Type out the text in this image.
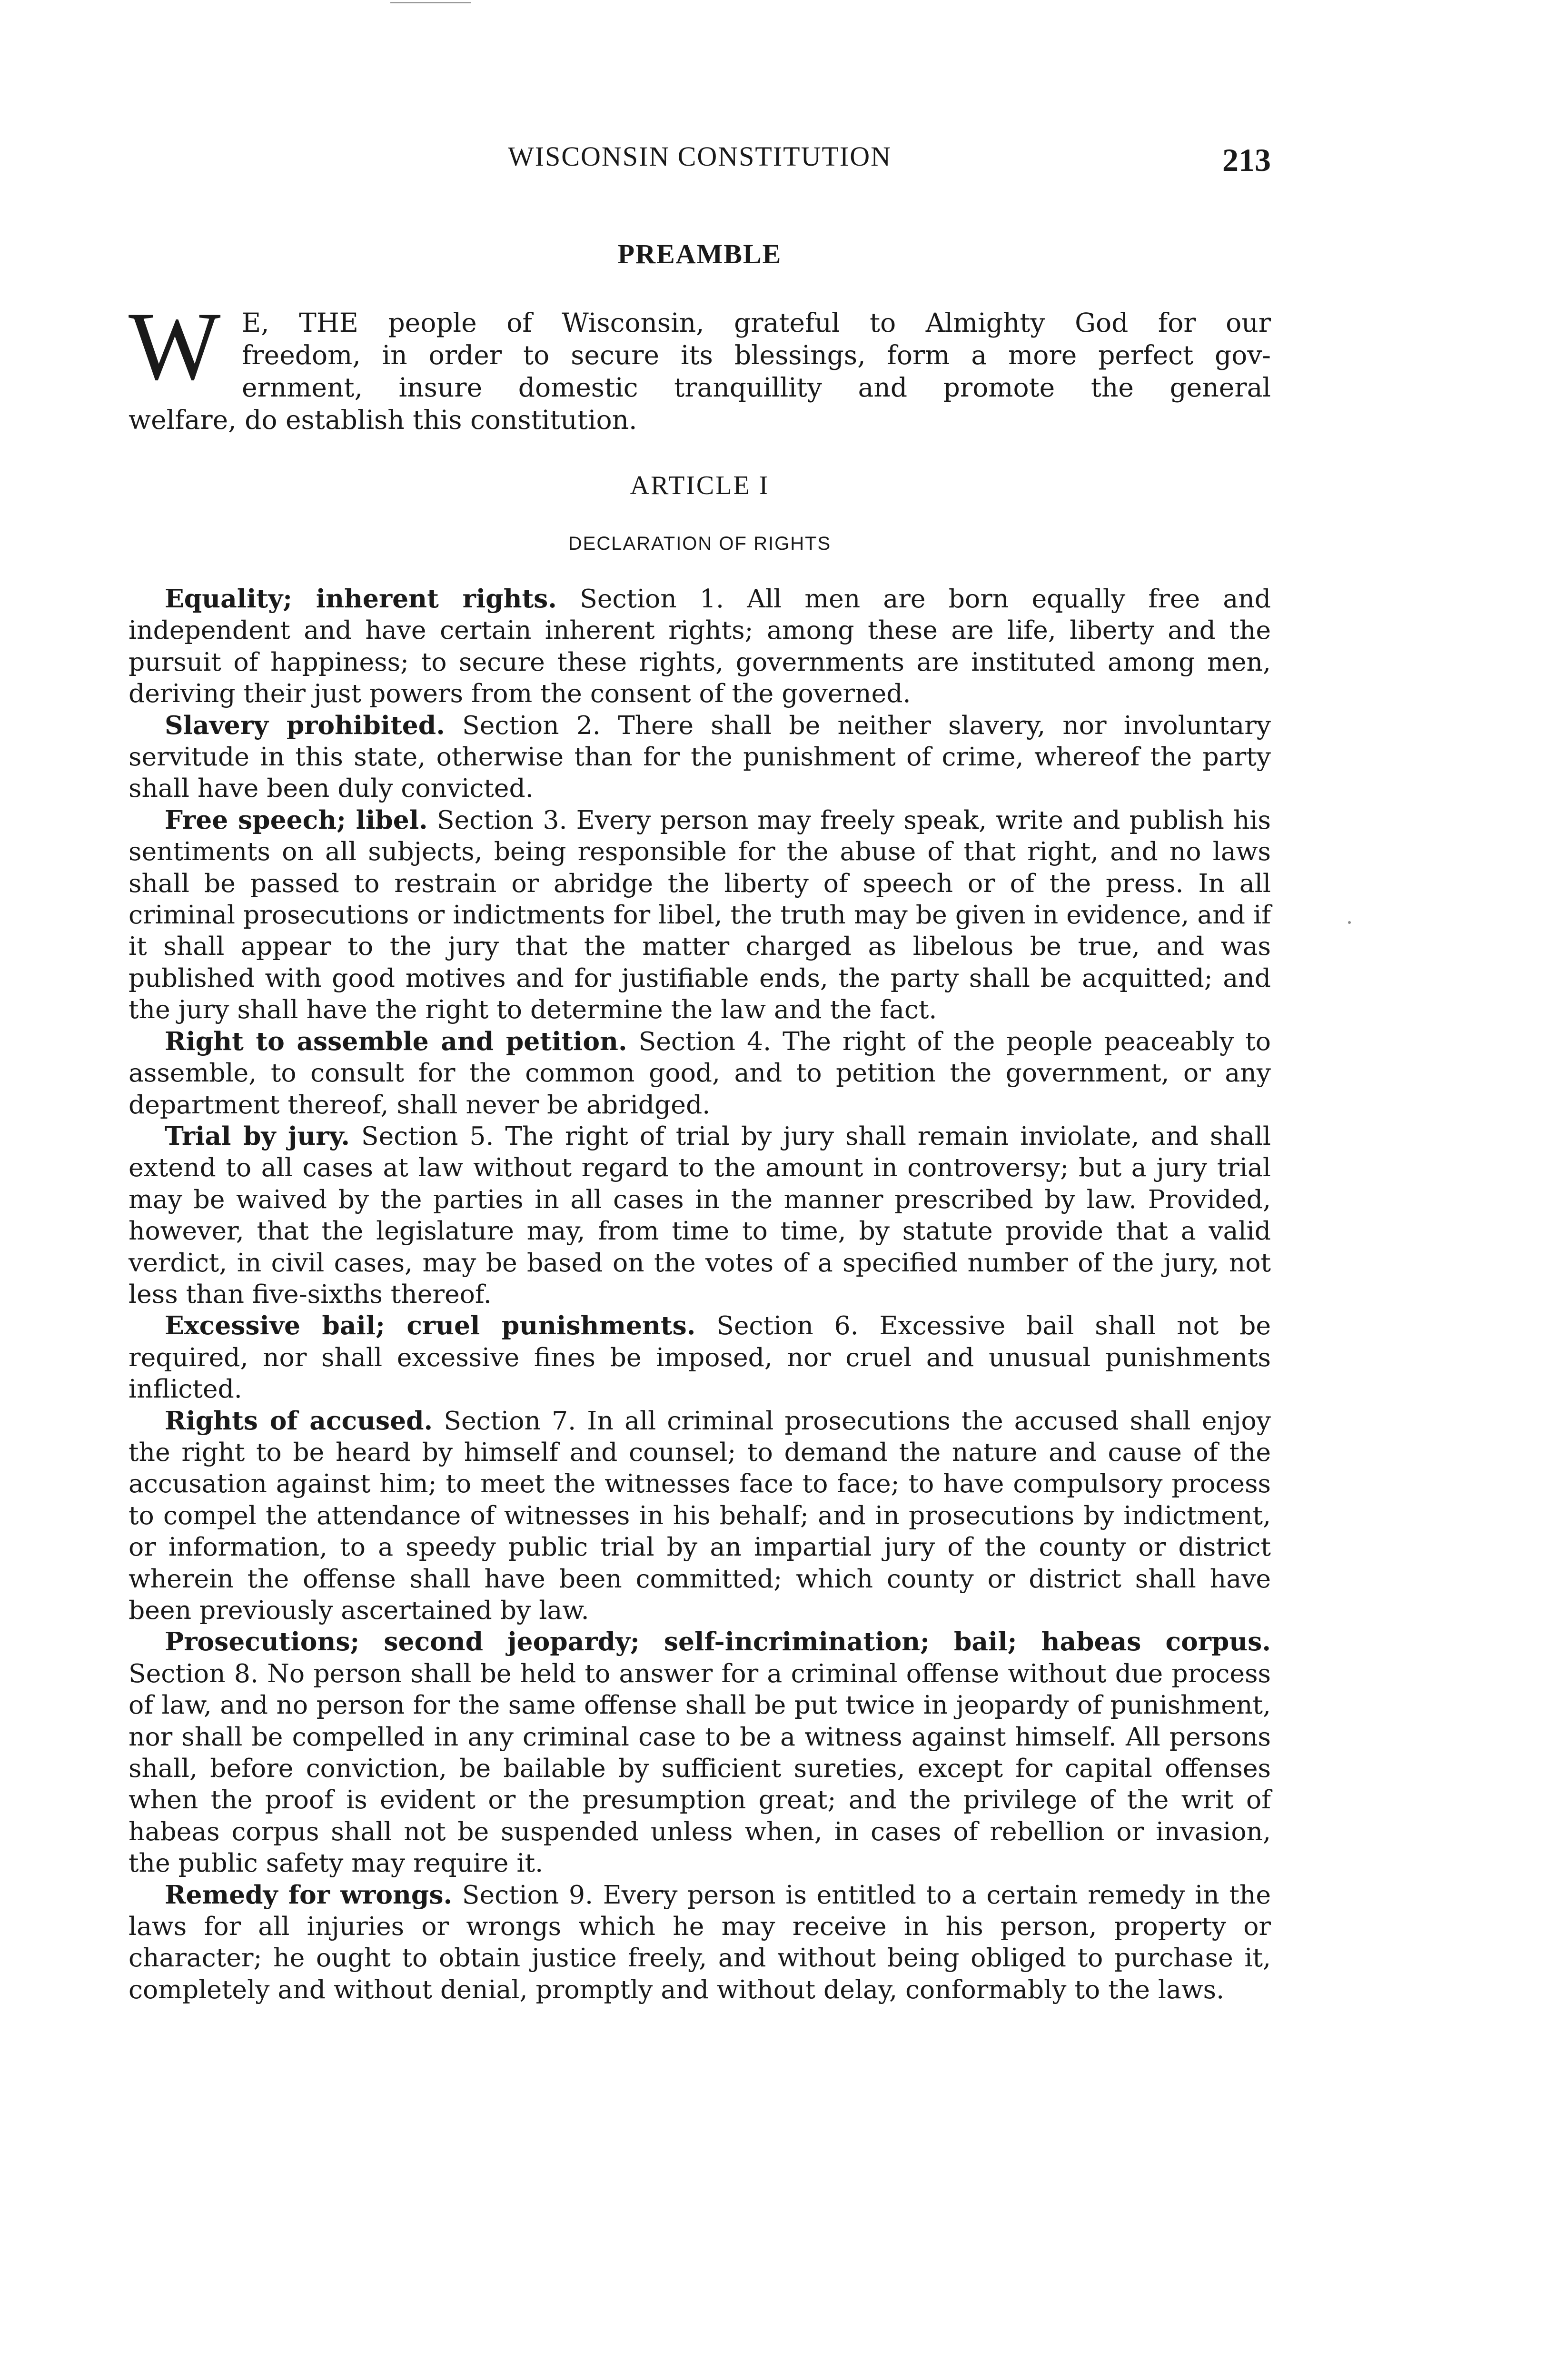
WISCONSIN CONSTITUTION	213
PREAMBLE
W E, THE people of Wisconsin, grateful to Almighty God for our
freedom, in order to secure its blessings, form a more perfect gov-
ernment, insure domestic tranquillity and promote the general
welfare, do establish this constitution.
ARTICLE I
DECLARATION OF RIGHTS

Equality; inherent rights. Section 1. All men are born equally free and independent and have certain inherent rights; among these are life, liberty and the pursuit of happiness; to secure these rights, governments are instituted among men, deriving their just powers from the consent of the governed.

Slavery prohibited. Section 2. There shall be neither slavery, nor involuntary servitude in this state, otherwise than for the punishment of crime, whereof the party shall have been duly convicted.

Free speech; libel. Section 3. Every person may freely speak, write and publish his sentiments on all subjects, being responsible for the abuse of that right, and no laws shall be passed to restrain or abridge the liberty of speech or of the press. In all criminal prosecutions or indictments for libel, the truth may be given in evidence, and if it shall appear to the jury that the matter charged as libelous be true, and was published with good motives and for justifiable ends, the party shall be acquitted; and the jury shall have the right to determine the law and the fact.

Right to assemble and petition. Section 4. The right of the people peaceably to assemble, to consult for the common good, and to petition the government, or any department thereof, shall never be abridged.

Trial by jury. Section 5. The right of trial by jury shall remain inviolate, and shall extend to all cases at law without regard to the amount in controversy; but a jury trial may be waived by the parties in all cases in the manner prescribed by law. Provided, however, that the legislature may, from time to time, by statute provide that a valid verdict, in civil cases, may be based on the votes of a specified number of the jury, not less than five-sixths thereof.

Excessive bail; cruel punishments. Section 6. Excessive bail shall not be required, nor shall excessive fines be imposed, nor cruel and unusual punishments inflicted.

Rights of accused. Section 7. In all criminal prosecutions the accused shall enjoy the right to be heard by himself and counsel; to demand the nature and cause of the accusation against him; to meet the witnesses face to face; to have compulsory process to compel the attendance of witnesses in his behalf; and in prosecutions by indictment, or information, to a speedy public trial by an impartial jury of the county or district wherein the offense shall have been committed; which county or district shall have been previously ascertained by law.

Prosecutions; second jeopardy; self-incrimination; bail; habeas corpus. Section 8. No person shall be held to answer for a criminal offense without due process of law, and no person for the same offense shall be put twice in jeopardy of punishment, nor shall be compelled in any criminal case to be a witness against himself. All persons shall, before conviction, be bailable by sufficient sureties, except for capital offenses when the proof is evident or the presumption great; and the privilege of the writ of habeas corpus shall not be suspended unless when, in cases of rebellion or invasion, the public safety may require it.

Remedy for wrongs. Section 9. Every person is entitled to a certain remedy in the laws for all injuries or wrongs which he may receive in his person, property or character; he ought to obtain justice freely, and without being obliged to purchase it, completely and without denial, promptly and without delay, conformably to the laws.
